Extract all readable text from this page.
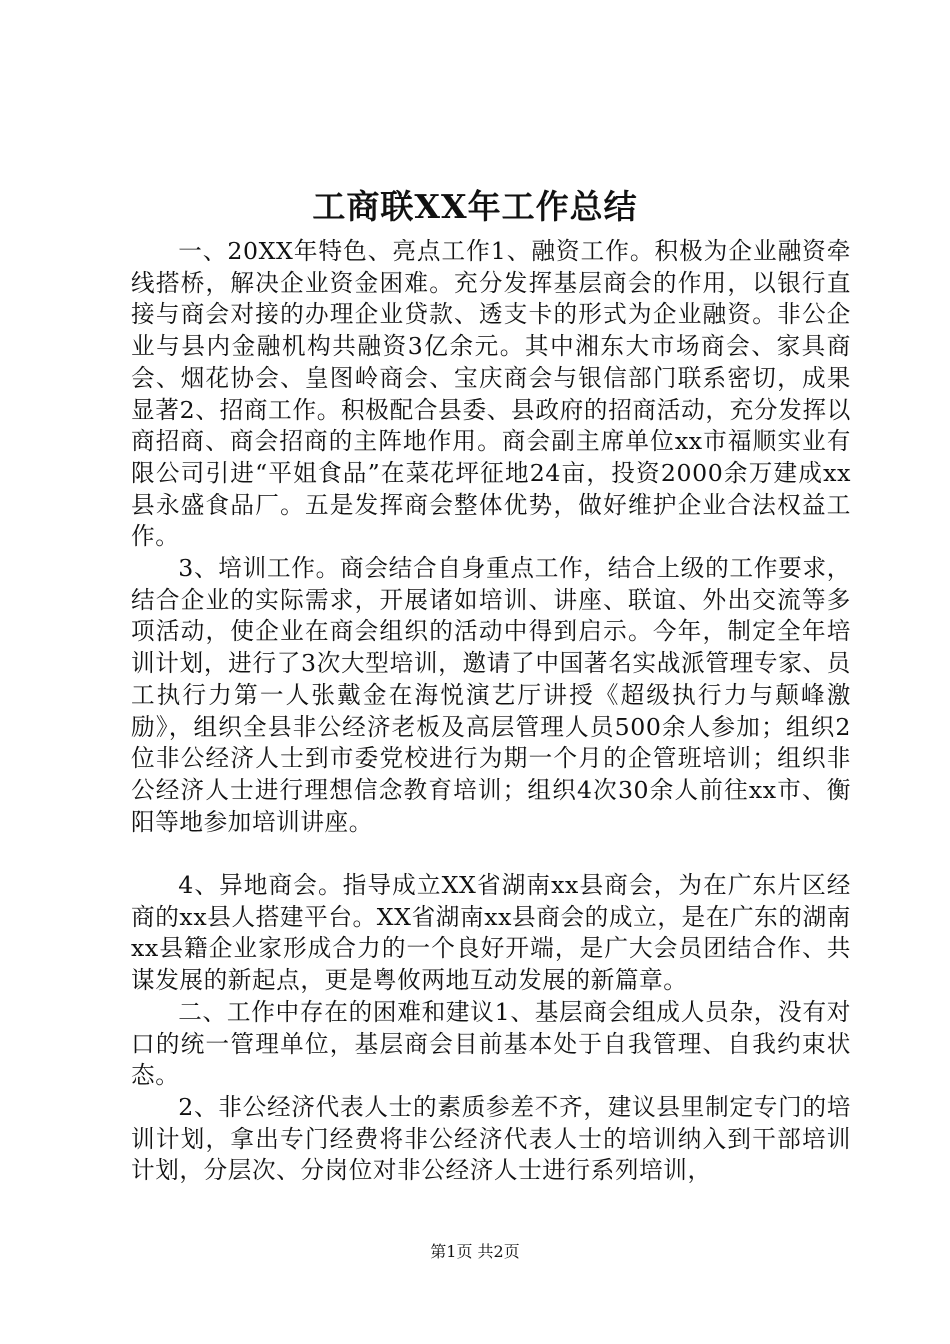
工商联XX年工作总结

一、20XX年特色、亮点工作1、融资工作。积极为企业融资牵线搭桥，解决企业资金困难。充分发挥基层商会的作用，以银行直接与商会对接的办理企业贷款、透支卡的形式为企业融资。非公企业与县内金融机构共融资3亿余元。其中湘东大市场商会、家具商会、烟花协会、皇图岭商会、宝庆商会与银信部门联系密切，成果显著2、招商工作。积极配合县委、县政府的招商活动，充分发挥以商招商、商会招商的主阵地作用。商会副主席单位xx市福顺实业有限公司引进“平姐食品”在菜花坪征地24亩，投资2000余万建成xx县永盛食品厂。五是发挥商会整体优势，做好维护企业合法权益工作。

3、培训工作。商会结合自身重点工作，结合上级的工作要求，结合企业的实际需求，开展诸如培训、讲座、联谊、外出交流等多项活动，使企业在商会组织的活动中得到启示。今年，制定全年培训计划，进行了3次大型培训，邀请了中国著名实战派管理专家、员工执行力第一人张戴金在海悦演艺厅讲授《超级执行力与颠峰激励》，组织全县非公经济老板及高层管理人员500余人参加；组织2位非公经济人士到市委党校进行为期一个月的企管班培训；组织非公经济人士进行理想信念教育培训；组织4次30余人前往xx市、衡阳等地参加培训讲座。

4、异地商会。指导成立XX省湖南xx县商会，为在广东片区经商的xx县人搭建平台。XX省湖南xx县商会的成立，是在广东的湖南xx县籍企业家形成合力的一个良好开端，是广大会员团结合作、共谋发展的新起点，更是粤攸两地互动发展的新篇章。

二、工作中存在的困难和建议1、基层商会组成人员杂，没有对口的统一管理单位，基层商会目前基本处于自我管理、自我约束状态。

2、非公经济代表人士的素质参差不齐，建议县里制定专门的培训计划，拿出专门经费将非公经济代表人士的培训纳入到干部培训计划，分层次、分岗位对非公经济人士进行系列培训，

第1页 共2页
